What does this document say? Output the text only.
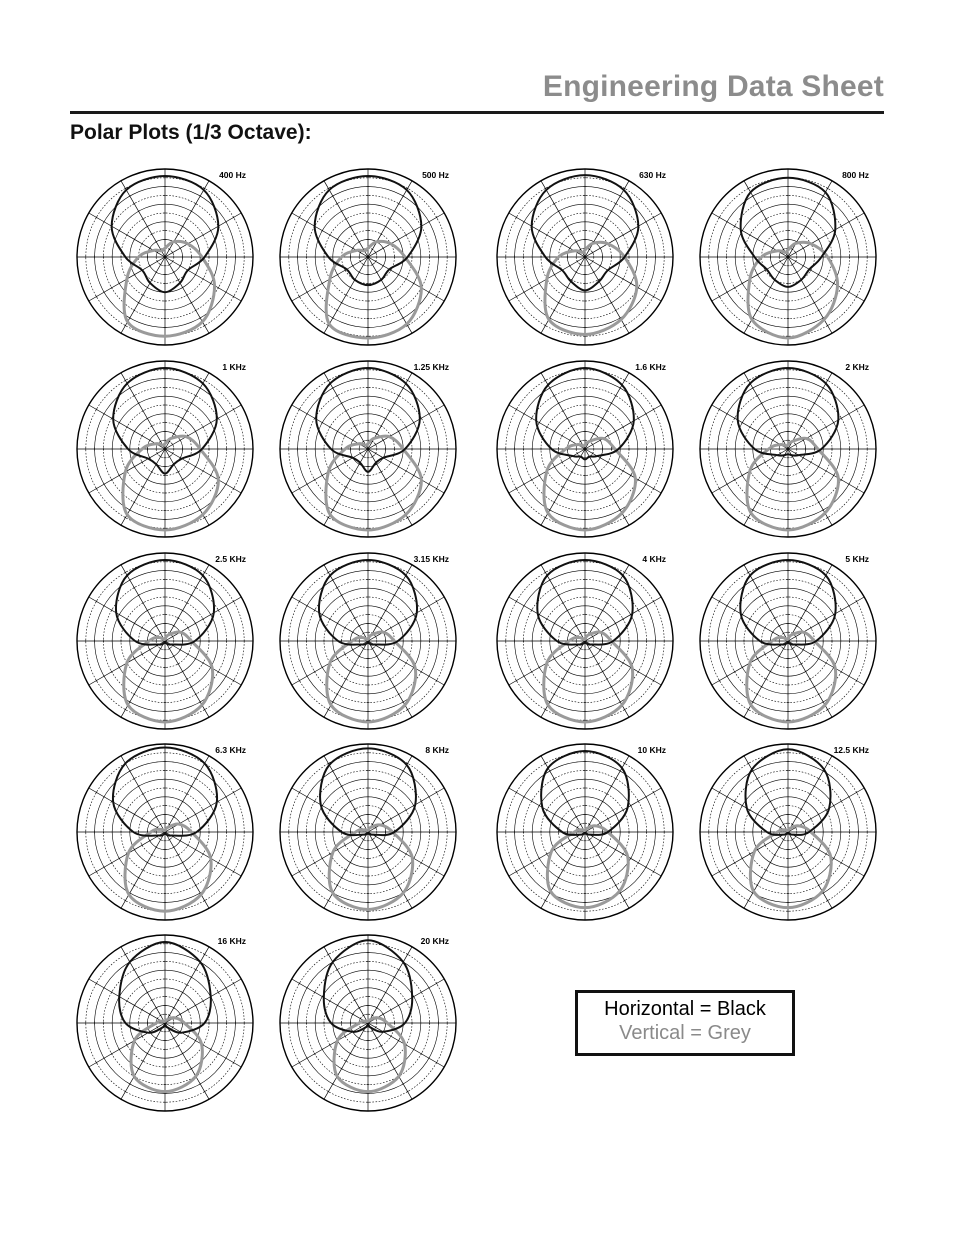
Engineering Data Sheet
Polar Plots (1/3 Octave):
400 Hz	500 Hz	630 Hz	800 Hz
1 KHz	1.25 KHz	1.6 KHz	2 KHz
2.5 KHz	3.15 KHz	4 KHz	5 KHz
6.3 KHz	8 KHz	10 KHz	12.5 KHz
16 KHz	20 KHz
Horizontal = Black
Vertical = Grey
